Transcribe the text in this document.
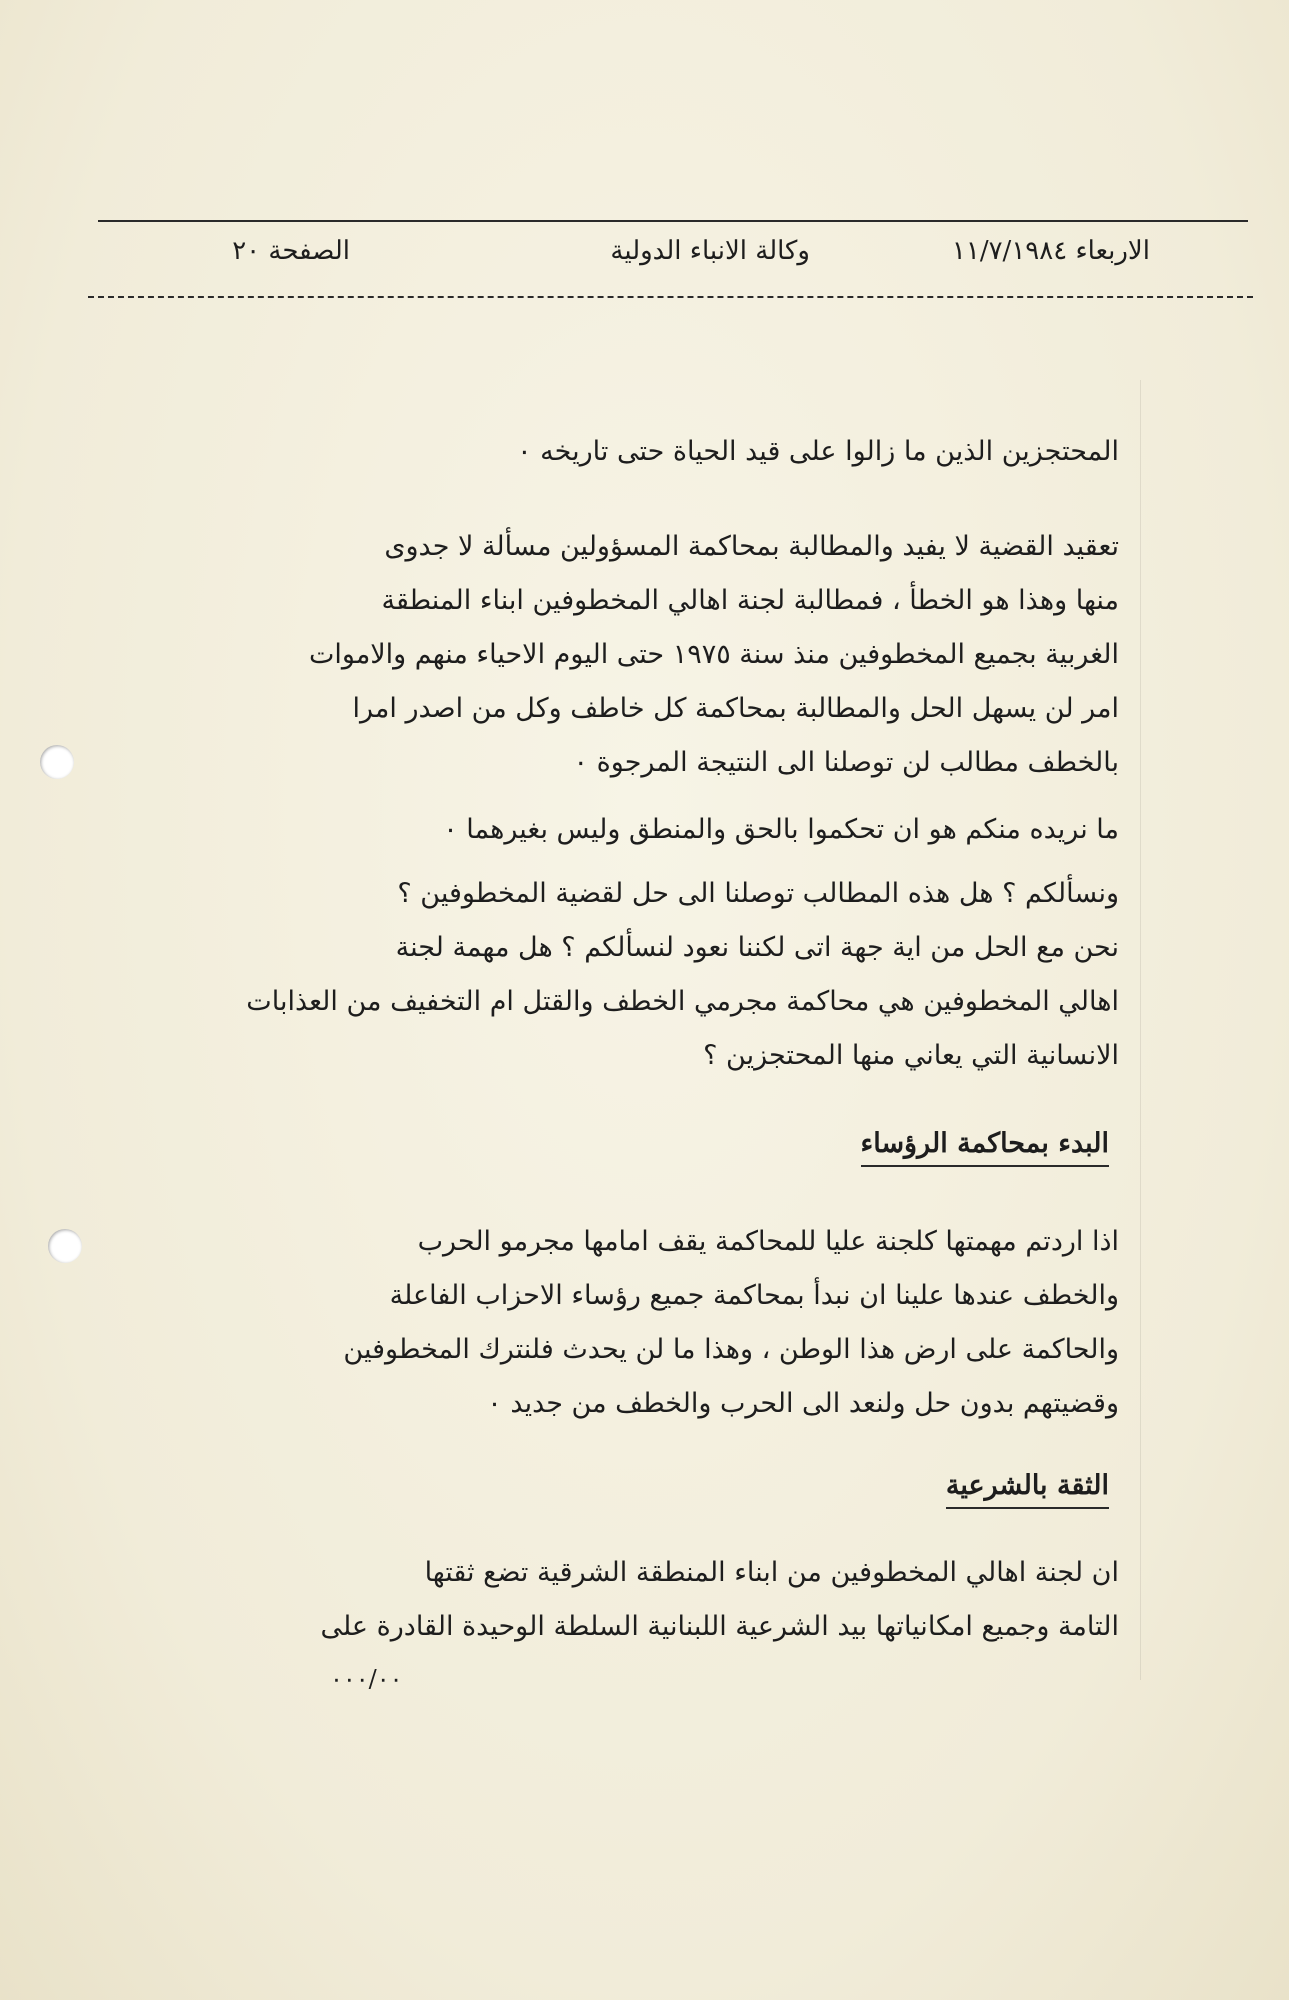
الاربعاء ١١/٧/١٩٨٤
وكالة الانباء الدولية
الصفحة ٢٠
المحتجزين الذين ما زالوا على قيد الحياة حتى تاريخه ٠
تعقيد القضية لا يفيد والمطالبة بمحاكمة المسؤولين مسألة لا جدوى
منها وهذا هو الخطأ ، فمطالبة لجنة اهالي المخطوفين ابناء المنطقة
الغربية بجميع المخطوفين منذ سنة ١٩٧٥ حتى اليوم الاحياء منهم والاموات
امر لن يسهل الحل والمطالبة بمحاكمة كل خاطف وكل من اصدر امرا
بالخطف مطالب لن توصلنا الى النتيجة المرجوة ٠
ما نريده منكم هو ان تحكموا بالحق والمنطق وليس بغيرهما ٠
ونسألكم ؟ هل هذه المطالب توصلنا الى حل لقضية المخطوفين ؟
نحن مع الحل من اية جهة اتى لكننا نعود لنسألكم ؟ هل مهمة لجنة
اهالي المخطوفين هي محاكمة مجرمي الخطف والقتل ام التخفيف من العذابات
الانسانية التي يعاني منها المحتجزين ؟
البدء بمحاكمة الرؤساء
اذا اردتم مهمتها كلجنة عليا للمحاكمة يقف امامها مجرمو الحرب
والخطف عندها علينا ان نبدأ بمحاكمة جميع رؤساء الاحزاب الفاعلة
والحاكمة على ارض هذا الوطن ، وهذا ما لن يحدث فلنترك المخطوفين
وقضيتهم بدون حل ولنعد الى الحرب والخطف من جديد ٠
الثقة بالشرعية
ان لجنة اهالي المخطوفين من ابناء المنطقة الشرقية تضع ثقتها
التامة وجميع امكانياتها بيد الشرعية اللبنانية السلطة الوحيدة القادرة على
٠٠٠/٠٠
